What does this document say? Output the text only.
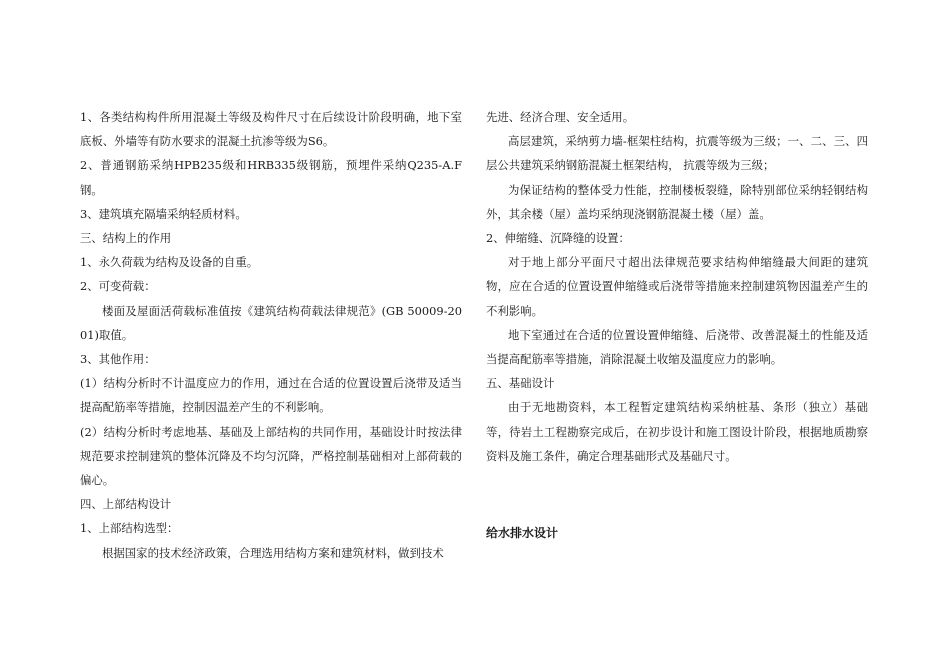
1、各类结构构件所用混凝土等级及构件尺寸在后续设计阶段明确，地下室底板、外墙等有防水要求的混凝土抗渗等级为S6。

2、普通钢筋采纳HPB235级和HRB335级钢筋，预埋件采纳Q235-A.F钢。

3、建筑填充隔墙采纳轻质材料。

三、结构上的作用

1、永久荷载为结构及设备的自重。

2、可变荷载：

楼面及屋面活荷载标准值按《建筑结构荷载法律规范》(GB 50009-2001)取值。

3、其他作用：

(1）结构分析时不计温度应力的作用，通过在合适的位置设置后浇带及适当提高配筋率等措施，控制因温差产生的不利影响。

(2）结构分析时考虑地基、基础及上部结构的共同作用，基础设计时按法律规范要求控制建筑的整体沉降及不均匀沉降，严格控制基础相对上部荷载的偏心。

四、上部结构设计

1、上部结构选型：

根据国家的技术经济政策，合理选用结构方案和建筑材料，做到技术

先进、经济合理、安全适用。

高层建筑，采纳剪力墙-框架柱结构，抗震等级为三级；一、二、三、四层公共建筑采纳钢筋混凝土框架结构， 抗震等级为三级；

为保证结构的整体受力性能，控制楼板裂缝，除特别部位采纳轻钢结构外，其余楼（屋）盖均采纳现浇钢筋混凝土楼（屋）盖。

2、伸缩缝、沉降缝的设置：

对于地上部分平面尺寸超出法律规范要求结构伸缩缝最大间距的建筑物，应在合适的位置设置伸缩缝或后浇带等措施来控制建筑物因温差产生的不利影响。

地下室通过在合适的位置设置伸缩缝、后浇带、改善混凝土的性能及适当提高配筋率等措施，消除混凝土收缩及温度应力的影响。

五、基础设计

由于无地勘资料，本工程暂定建筑结构采纳桩基、条形（独立）基础等，待岩土工程勘察完成后，在初步设计和施工图设计阶段，根据地质勘察资料及施工条件，确定合理基础形式及基础尺寸。

给水排水设计
